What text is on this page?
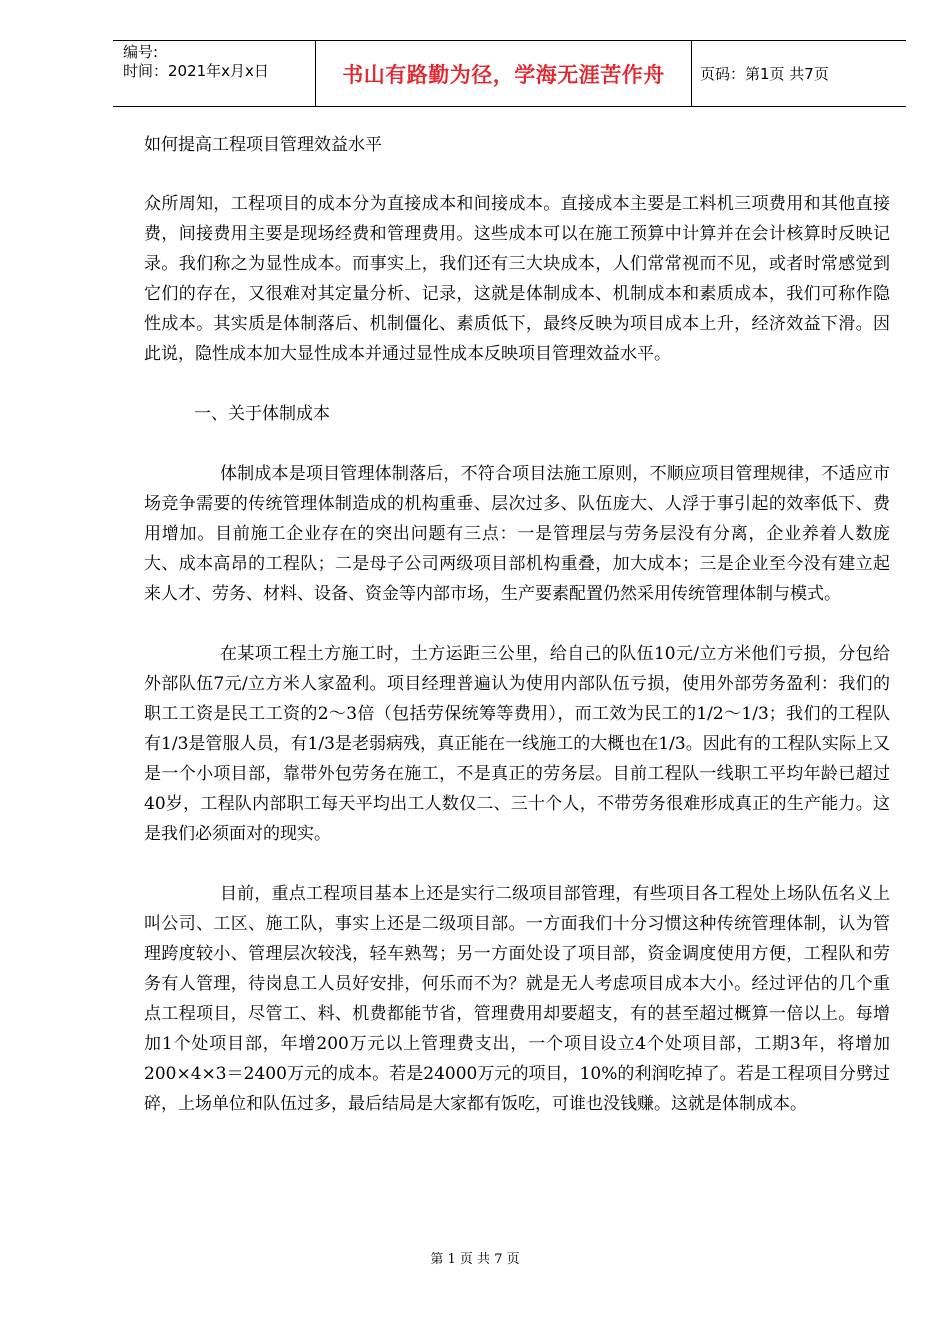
编号:
时间：2021年x月x日	书山有路勤为径，学海无涯苦作舟	页码：第1页 共7页

如何提高工程项目管理效益水平

众所周知，工程项目的成本分为直接成本和间接成本。直接成本主要是工料机三项费用和其他直接费，间接费用主要是现场经费和管理费用。这些成本可以在施工预算中计算并在会计核算时反映记录。我们称之为显性成本。而事实上，我们还有三大块成本，人们常常视而不见，或者时常感觉到它们的存在，又很难对其定量分析、记录，这就是体制成本、机制成本和素质成本，我们可称作隐性成本。其实质是体制落后、机制僵化、素质低下，最终反映为项目成本上升，经济效益下滑。因此说，隐性成本加大显性成本并通过显性成本反映项目管理效益水平。

一、关于体制成本

体制成本是项目管理体制落后，不符合项目法施工原则，不顺应项目管理规律，不适应市场竞争需要的传统管理体制造成的机构重垂、层次过多、队伍庞大、人浮于事引起的效率低下、费用增加。目前施工企业存在的突出问题有三点：一是管理层与劳务层没有分离，企业养着人数庞大、成本高昂的工程队；二是母子公司两级项目部机构重叠，加大成本；三是企业至今没有建立起来人才、劳务、材料、设备、资金等内部市场，生产要素配置仍然采用传统管理体制与模式。

在某项工程土方施工时，土方运距三公里，给自己的队伍10元/立方米他们亏损，分包给外部队伍7元/立方米人家盈利。项目经理普遍认为使用内部队伍亏损，使用外部劳务盈利：我们的职工工资是民工工资的2～3倍（包括劳保统筹等费用），而工效为民工的1/2～1/3；我们的工程队有1/3是管服人员，有1/3是老弱病残，真正能在一线施工的大概也在1/3。因此有的工程队实际上又是一个小项目部，靠带外包劳务在施工，不是真正的劳务层。目前工程队一线职工平均年龄已超过40岁，工程队内部职工每天平均出工人数仅二、三十个人，不带劳务很难形成真正的生产能力。这是我们必须面对的现实。

目前，重点工程项目基本上还是实行二级项目部管理，有些项目各工程处上场队伍名义上叫公司、工区、施工队，事实上还是二级项目部。一方面我们十分习惯这种传统管理体制，认为管理跨度较小、管理层次较浅，轻车熟驾；另一方面处设了项目部，资金调度使用方便，工程队和劳务有人管理，待岗息工人员好安排，何乐而不为？就是无人考虑项目成本大小。经过评估的几个重点工程项目，尽管工、料、机费都能节省，管理费用却要超支，有的甚至超过概算一倍以上。每增加1个处项目部，年增200万元以上管理费支出，一个项目设立4个处项目部，工期3年，将增加200×4×3＝2400万元的成本。若是24000万元的项目，10%的利润吃掉了。若是工程项目分劈过碎，上场单位和队伍过多，最后结局是大家都有饭吃，可谁也没钱赚。这就是体制成本。

第 1 页 共 7 页
